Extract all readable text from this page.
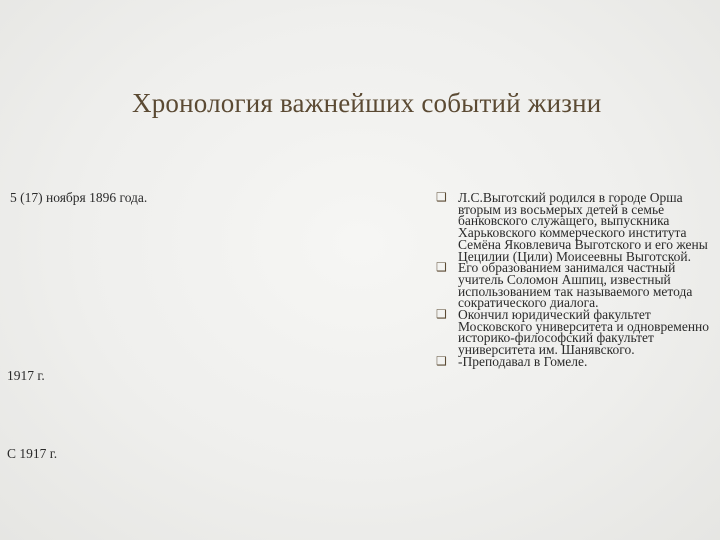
Хронология важнейших событий жизни
5 (17) ноября 1896 года.
1917 г.
С 1917 г.
❑ Л.С.Выготский родился в городе Орша вторым из восьмерых детей в семье банковского служащего, выпускника Харьковского коммерческого института Семёна Яковлевича Выготского и его жены Цецилии (Цили) Моисеевны Выготской.
❑ Его образованием занимался частный учитель Соломон Ашпиц, известный использованием так называемого метода сократического диалога.
❑ Окончил юридический факультет Московского университета и одновременно историко-философский факультет университета им. Шанявского.
❑ -Преподавал в Гомеле.
